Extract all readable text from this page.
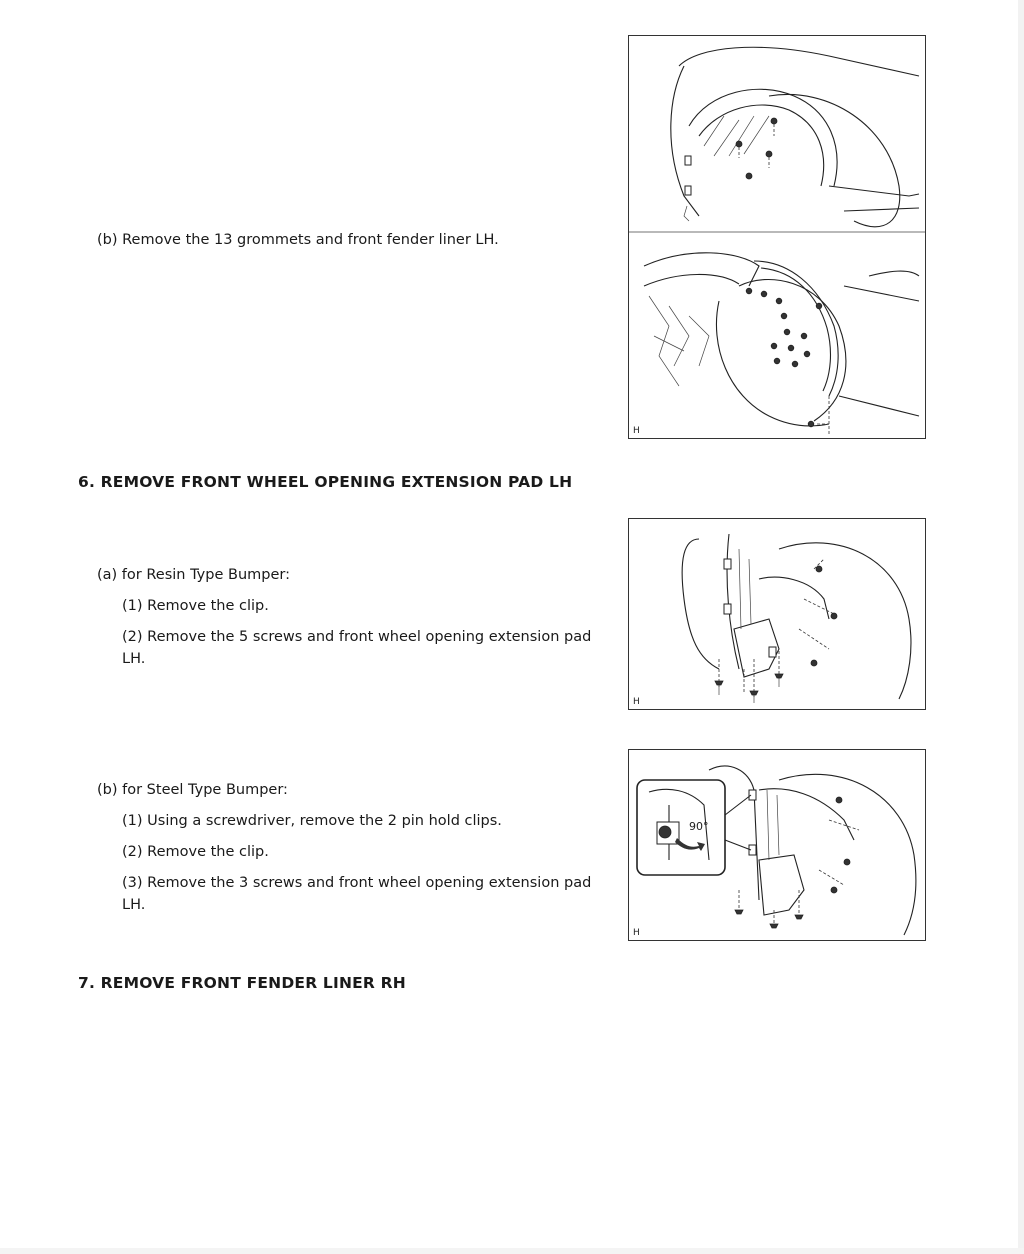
(b) Remove the 13 grommets and front fender liner LH.
H
6. REMOVE FRONT WHEEL OPENING EXTENSION PAD LH
(a) for Resin Type Bumper:
(1) Remove the clip.
(2) Remove the 5 screws and front wheel opening extension pad LH.
H
(b) for Steel Type Bumper:
(1) Using a screwdriver, remove the 2 pin hold clips.
(2) Remove the clip.
(3) Remove the 3 screws and front wheel opening extension pad LH.
90°
H
7. REMOVE FRONT FENDER LINER RH
